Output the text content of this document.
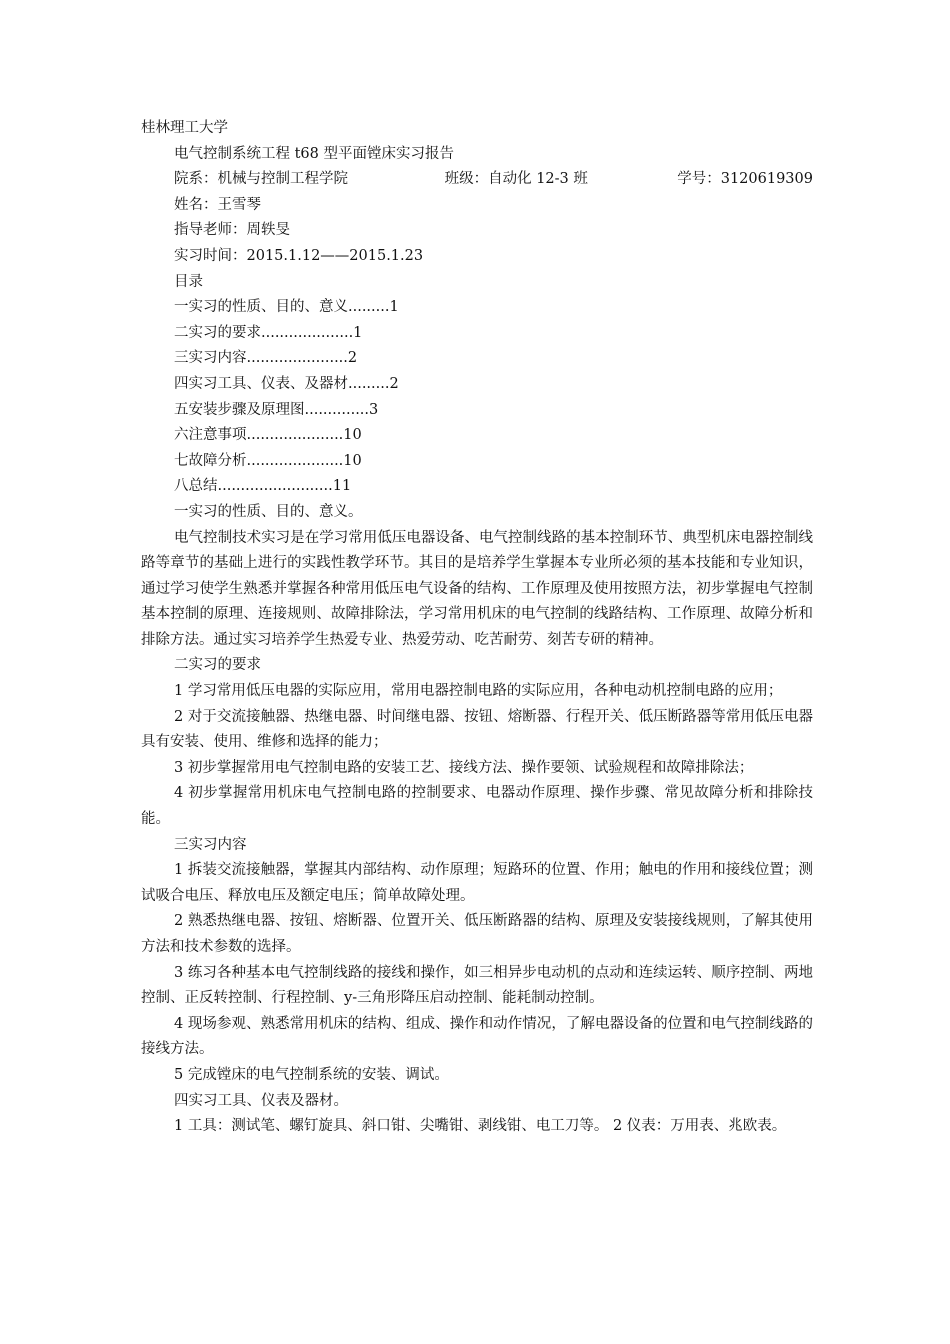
桂林理工大学
电气控制系统工程 t68 型平面镗床实习报告
院系：机械与控制工程学院	班级：自动化 12-3 班	学号：3120619309
姓名：王雪琴
指导老师：周轶旻
实习时间：2015.1.12——2015.1.23
目录
一实习的性质、目的、意义.........1
二实习的要求....................1
三实习内容......................2
四实习工具、仪表、及器材.........2
五安装步骤及原理图..............3
六注意事项.....................10
七故障分析.....................10
八总结.........................11
一实习的性质、目的、意义。
电气控制技术实习是在学习常用低压电器设备、电气控制线路的基本控制环节、典型机床电器控制线路等章节的基础上进行的实践性教学环节。其目的是培养学生掌握本专业所必须的基本技能和专业知识，通过学习使学生熟悉并掌握各种常用低压电气设备的结构、工作原理及使用按照方法，初步掌握电气控制基本控制的原理、连接规则、故障排除法，学习常用机床的电气控制的线路结构、工作原理、故障分析和排除方法。通过实习培养学生热爱专业、热爱劳动、吃苦耐劳、刻苦专研的精神。
二实习的要求
1 学习常用低压电器的实际应用，常用电器控制电路的实际应用，各种电动机控制电路的应用；
2 对于交流接触器、热继电器、时间继电器、按钮、熔断器、行程开关、低压断路器等常用低压电器具有安装、使用、维修和选择的能力；
3 初步掌握常用电气控制电路的安装工艺、接线方法、操作要领、试验规程和故障排除法；
4 初步掌握常用机床电气控制电路的控制要求、电器动作原理、操作步骤、常见故障分析和排除技能。
三实习内容
1 拆装交流接触器，掌握其内部结构、动作原理；短路环的位置、作用；触电的作用和接线位置；测试吸合电压、释放电压及额定电压；简单故障处理。
2 熟悉热继电器、按钮、熔断器、位置开关、低压断路器的结构、原理及安装接线规则，了解其使用方法和技术参数的选择。
3 练习各种基本电气控制线路的接线和操作，如三相异步电动机的点动和连续运转、顺序控制、两地控制、正反转控制、行程控制、y-三角形降压启动控制、能耗制动控制。
4 现场参观、熟悉常用机床的结构、组成、操作和动作情况，了解电器设备的位置和电气控制线路的接线方法。
5 完成镗床的电气控制系统的安装、调试。
四实习工具、仪表及器材。
1 工具：测试笔、螺钉旋具、斜口钳、尖嘴钳、剥线钳、电工刀等。 2 仪表：万用表、兆欧表。
